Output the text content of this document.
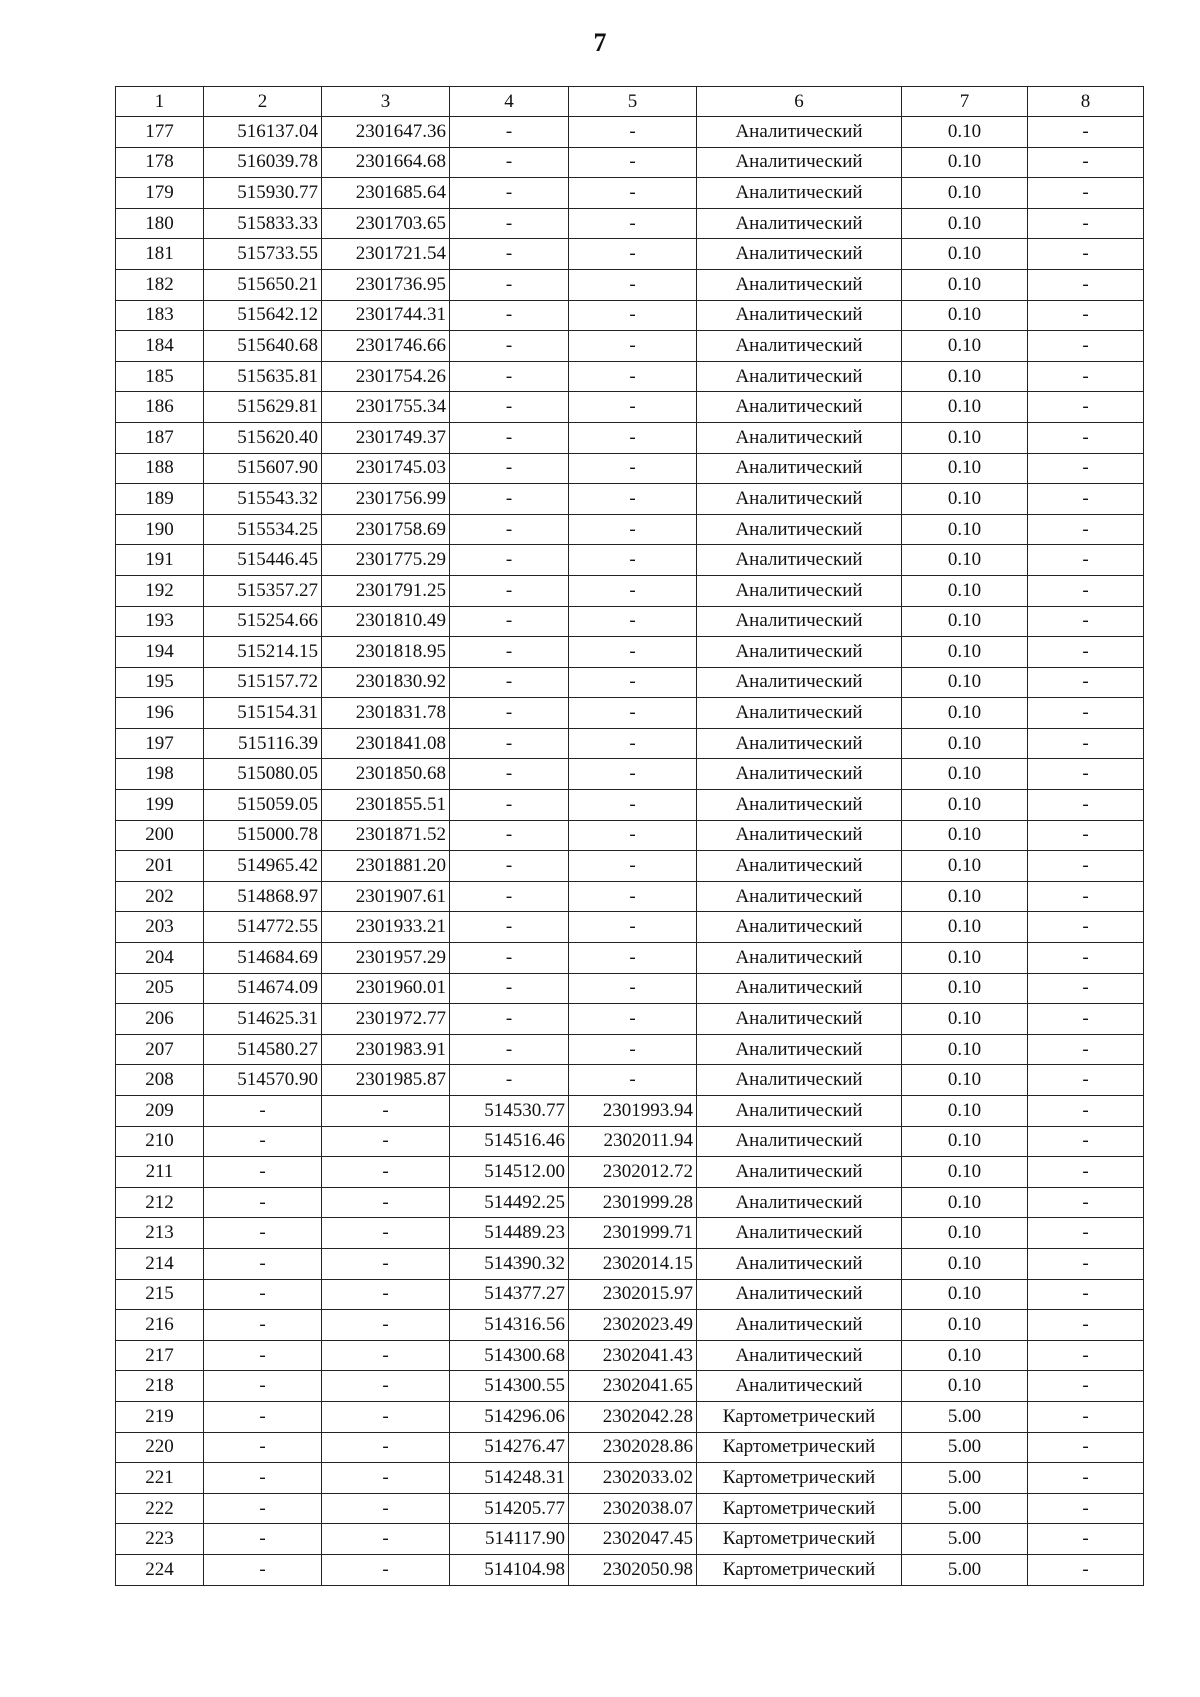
7
1	2	3	4	5	6	7	8
177	516137.04	2301647.36	-	-	Аналитический	0.10	-
178	516039.78	2301664.68	-	-	Аналитический	0.10	-
179	515930.77	2301685.64	-	-	Аналитический	0.10	-
180	515833.33	2301703.65	-	-	Аналитический	0.10	-
181	515733.55	2301721.54	-	-	Аналитический	0.10	-
182	515650.21	2301736.95	-	-	Аналитический	0.10	-
183	515642.12	2301744.31	-	-	Аналитический	0.10	-
184	515640.68	2301746.66	-	-	Аналитический	0.10	-
185	515635.81	2301754.26	-	-	Аналитический	0.10	-
186	515629.81	2301755.34	-	-	Аналитический	0.10	-
187	515620.40	2301749.37	-	-	Аналитический	0.10	-
188	515607.90	2301745.03	-	-	Аналитический	0.10	-
189	515543.32	2301756.99	-	-	Аналитический	0.10	-
190	515534.25	2301758.69	-	-	Аналитический	0.10	-
191	515446.45	2301775.29	-	-	Аналитический	0.10	-
192	515357.27	2301791.25	-	-	Аналитический	0.10	-
193	515254.66	2301810.49	-	-	Аналитический	0.10	-
194	515214.15	2301818.95	-	-	Аналитический	0.10	-
195	515157.72	2301830.92	-	-	Аналитический	0.10	-
196	515154.31	2301831.78	-	-	Аналитический	0.10	-
197	515116.39	2301841.08	-	-	Аналитический	0.10	-
198	515080.05	2301850.68	-	-	Аналитический	0.10	-
199	515059.05	2301855.51	-	-	Аналитический	0.10	-
200	515000.78	2301871.52	-	-	Аналитический	0.10	-
201	514965.42	2301881.20	-	-	Аналитический	0.10	-
202	514868.97	2301907.61	-	-	Аналитический	0.10	-
203	514772.55	2301933.21	-	-	Аналитический	0.10	-
204	514684.69	2301957.29	-	-	Аналитический	0.10	-
205	514674.09	2301960.01	-	-	Аналитический	0.10	-
206	514625.31	2301972.77	-	-	Аналитический	0.10	-
207	514580.27	2301983.91	-	-	Аналитический	0.10	-
208	514570.90	2301985.87	-	-	Аналитический	0.10	-
209	-	-	514530.77	2301993.94	Аналитический	0.10	-
210	-	-	514516.46	2302011.94	Аналитический	0.10	-
211	-	-	514512.00	2302012.72	Аналитический	0.10	-
212	-	-	514492.25	2301999.28	Аналитический	0.10	-
213	-	-	514489.23	2301999.71	Аналитический	0.10	-
214	-	-	514390.32	2302014.15	Аналитический	0.10	-
215	-	-	514377.27	2302015.97	Аналитический	0.10	-
216	-	-	514316.56	2302023.49	Аналитический	0.10	-
217	-	-	514300.68	2302041.43	Аналитический	0.10	-
218	-	-	514300.55	2302041.65	Аналитический	0.10	-
219	-	-	514296.06	2302042.28	Картометрический	5.00	-
220	-	-	514276.47	2302028.86	Картометрический	5.00	-
221	-	-	514248.31	2302033.02	Картометрический	5.00	-
222	-	-	514205.77	2302038.07	Картометрический	5.00	-
223	-	-	514117.90	2302047.45	Картометрический	5.00	-
224	-	-	514104.98	2302050.98	Картометрический	5.00	-
